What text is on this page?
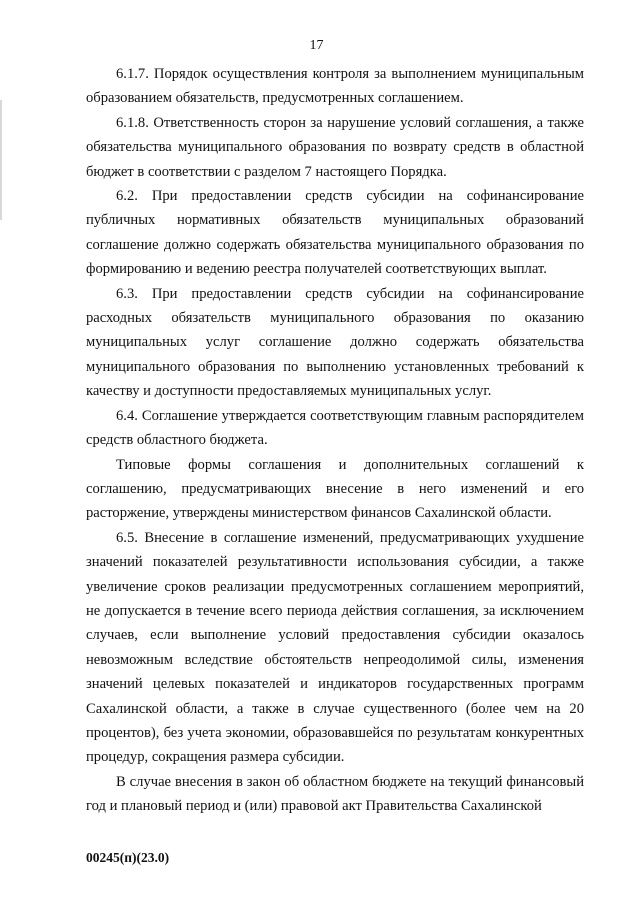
17

6.1.7. Порядок осуществления контроля за выполнением муниципальным образованием обязательств, предусмотренных соглашением.

6.1.8. Ответственность сторон за нарушение условий соглашения, а также обязательства муниципального образования по возврату средств в областной бюджет в соответствии с разделом 7 настоящего Порядка.

6.2. При предоставлении средств субсидии на софинансирование публичных нормативных обязательств муниципальных образований соглашение должно содержать обязательства муниципального образования по формированию и ведению реестра получателей соответствующих выплат.

6.3. При предоставлении средств субсидии на софинансирование расходных обязательств муниципального образования по оказанию муниципальных услуг соглашение должно содержать обязательства муниципального образования по выполнению установленных требований к качеству и доступности предоставляемых муниципальных услуг.

6.4. Соглашение утверждается соответствующим главным распорядителем средств областного бюджета.

Типовые формы соглашения и дополнительных соглашений к соглашению, предусматривающих внесение в него изменений и его расторжение, утверждены министерством финансов Сахалинской области.

6.5. Внесение в соглашение изменений, предусматривающих ухудшение значений показателей результативности использования субсидии, а также увеличение сроков реализации предусмотренных соглашением мероприятий, не допускается в течение всего периода действия соглашения, за исключением случаев, если выполнение условий предоставления субсидии оказалось невозможным вследствие обстоятельств непреодолимой силы, изменения значений целевых показателей и индикаторов государственных программ Сахалинской области, а также в случае существенного (более чем на 20 процентов), без учета экономии, образовавшейся по результатам конкурентных процедур, сокращения размера субсидии.

В случае внесения в закон об областном бюджете на текущий финансовый год и плановый период и (или) правовой акт Правительства Сахалинской

00245(п)(23.0)
